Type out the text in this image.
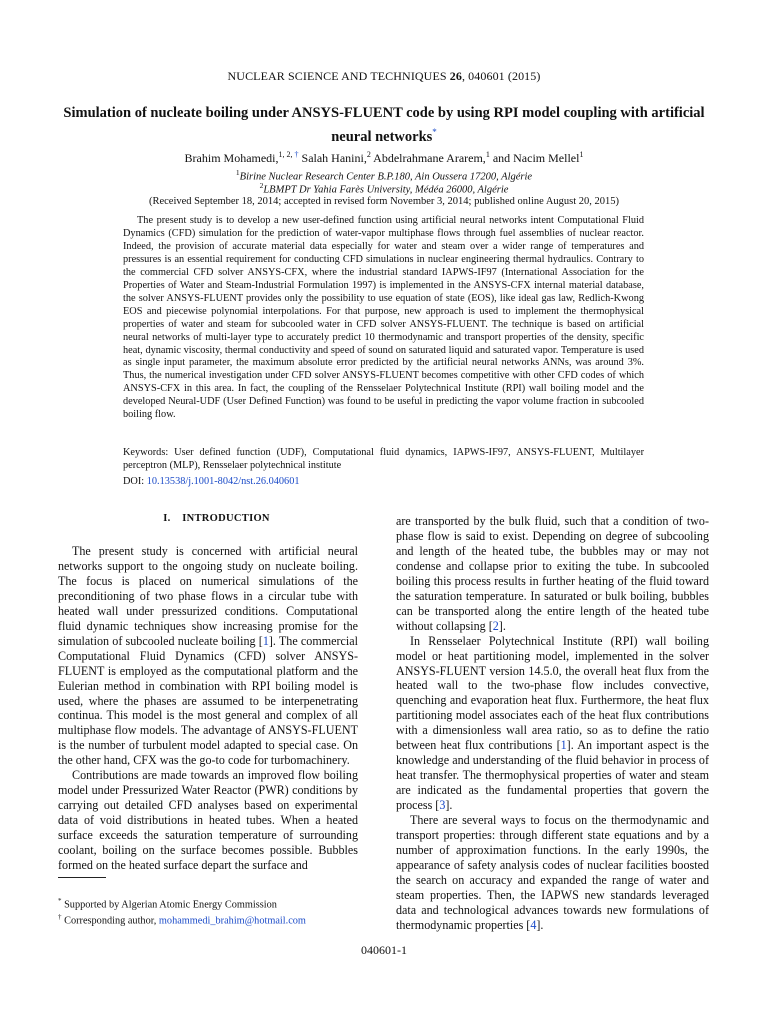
NUCLEAR SCIENCE AND TECHNIQUES 26, 040601 (2015)
Simulation of nucleate boiling under ANSYS-FLUENT code by using RPI model coupling with artificial neural networks*
Brahim Mohamedi,$^{1, 2,}$ † Salah Hanini,$^2$ Abdelrahmane Ararem,$^1$ and Nacim Mellel$^1$
$^1$Birine Nuclear Research Center B.P.180, Ain Oussera 17200, Algérie
$^2$LBMPT Dr Yahia Farès University, Médéa 26000, Algérie
(Received September 18, 2014; accepted in revised form November 3, 2014; published online August 20, 2015)
The present study is to develop a new user-defined function using artificial neural networks intent Computational Fluid Dynamics (CFD) simulation for the prediction of water-vapor multiphase flows through fuel assemblies of nuclear reactor. Indeed, the provision of accurate material data especially for water and steam over a wider range of temperatures and pressures is an essential requirement for conducting CFD simulations in nuclear engineering thermal hydraulics. Contrary to the commercial CFD solver ANSYS-CFX, where the industrial standard IAPWS-IF97 (International Association for the Properties of Water and Steam-Industrial Formulation 1997) is implemented in the ANSYS-CFX internal material database, the solver ANSYS-FLUENT provides only the possibility to use equation of state (EOS), like ideal gas law, Redlich-Kwong EOS and piecewise polynomial interpolations. For that purpose, new approach is used to implement the thermophysical properties of water and steam for subcooled water in CFD solver ANSYS-FLUENT. The technique is based on artificial neural networks of multi-layer type to accurately predict 10 thermodynamic and transport properties of the density, specific heat, dynamic viscosity, thermal conductivity and speed of sound on saturated liquid and saturated vapor. Temperature is used as single input parameter, the maximum absolute error predicted by the artificial neural networks ANNs, was around 3%. Thus, the numerical investigation under CFD solver ANSYS-FLUENT becomes competitive with other CFD codes of which ANSYS-CFX in this area. In fact, the coupling of the Rensselaer Polytechnical Institute (RPI) wall boiling model and the developed Neural-UDF (User Defined Function) was found to be useful in predicting the vapor volume fraction in subcooled boiling flow.
Keywords: User defined function (UDF), Computational fluid dynamics, IAPWS-IF97, ANSYS-FLUENT, Multilayer perceptron (MLP), Rensselaer polytechnical institute
DOI: 10.13538/j.1001-8042/nst.26.040601
I.    INTRODUCTION

The present study is concerned with artificial neural networks support to the ongoing study on nucleate boiling. The focus is placed on numerical simulations of the preconditioning of two phase flows in a circular tube with heated wall under pressurized conditions. Computational fluid dynamic techniques show increasing promise for the simulation of subcooled nucleate boiling [1]. The commercial Computational Fluid Dynamics (CFD) solver ANSYS-FLUENT is employed as the computational platform and the Eulerian method in combination with RPI boiling model is used, where the phases are assumed to be interpenetrating continua. This model is the most general and complex of all multiphase flow models. The advantage of ANSYS-FLUENT is the number of turbulent model adapted to special case. On the other hand, CFX was the go-to code for turbomachinery.

Contributions are made towards an improved flow boiling model under Pressurized Water Reactor (PWR) conditions by carrying out detailed CFD analyses based on experimental data of void distributions in heated tubes. When a heated surface exceeds the saturation temperature of surrounding coolant, boiling on the surface becomes possible. Bubbles formed on the heated surface depart the surface and

are transported by the bulk fluid, such that a condition of two-phase flow is said to exist. Depending on degree of subcooling and length of the heated tube, the bubbles may or may not condense and collapse prior to exiting the tube. In subcooled boiling this process results in further heating of the fluid toward the saturation temperature. In saturated or bulk boiling, bubbles can be transported along the entire length of the heated tube without collapsing [2].

In Rensselaer Polytechnical Institute (RPI) wall boiling model or heat partitioning model, implemented in the solver ANSYS-FLUENT version 14.5.0, the overall heat flux from the heated wall to the two-phase flow includes convective, quenching and evaporation heat flux. Furthermore, the heat flux partitioning model associates each of the heat flux contributions with a dimensionless wall area ratio, so as to define the ratio between heat flux contributions [1]. An important aspect is the knowledge and understanding of the fluid behavior in process of heat transfer. The thermophysical properties of water and steam are indicated as the fundamental properties that govern the process [3].

There are several ways to focus on the thermodynamic and transport properties: through different state equations and by a number of approximation functions. In the early 1990s, the appearance of safety analysis codes of nuclear facilities boosted the search on accuracy and expanded the range of water and steam properties. Then, the IAPWS new standards leveraged data and technological advances towards new formulations of thermodynamic properties [4].

* Supported by Algerian Atomic Energy Commission
† Corresponding author, mohammedi_brahim@hotmail.com
040601-1
